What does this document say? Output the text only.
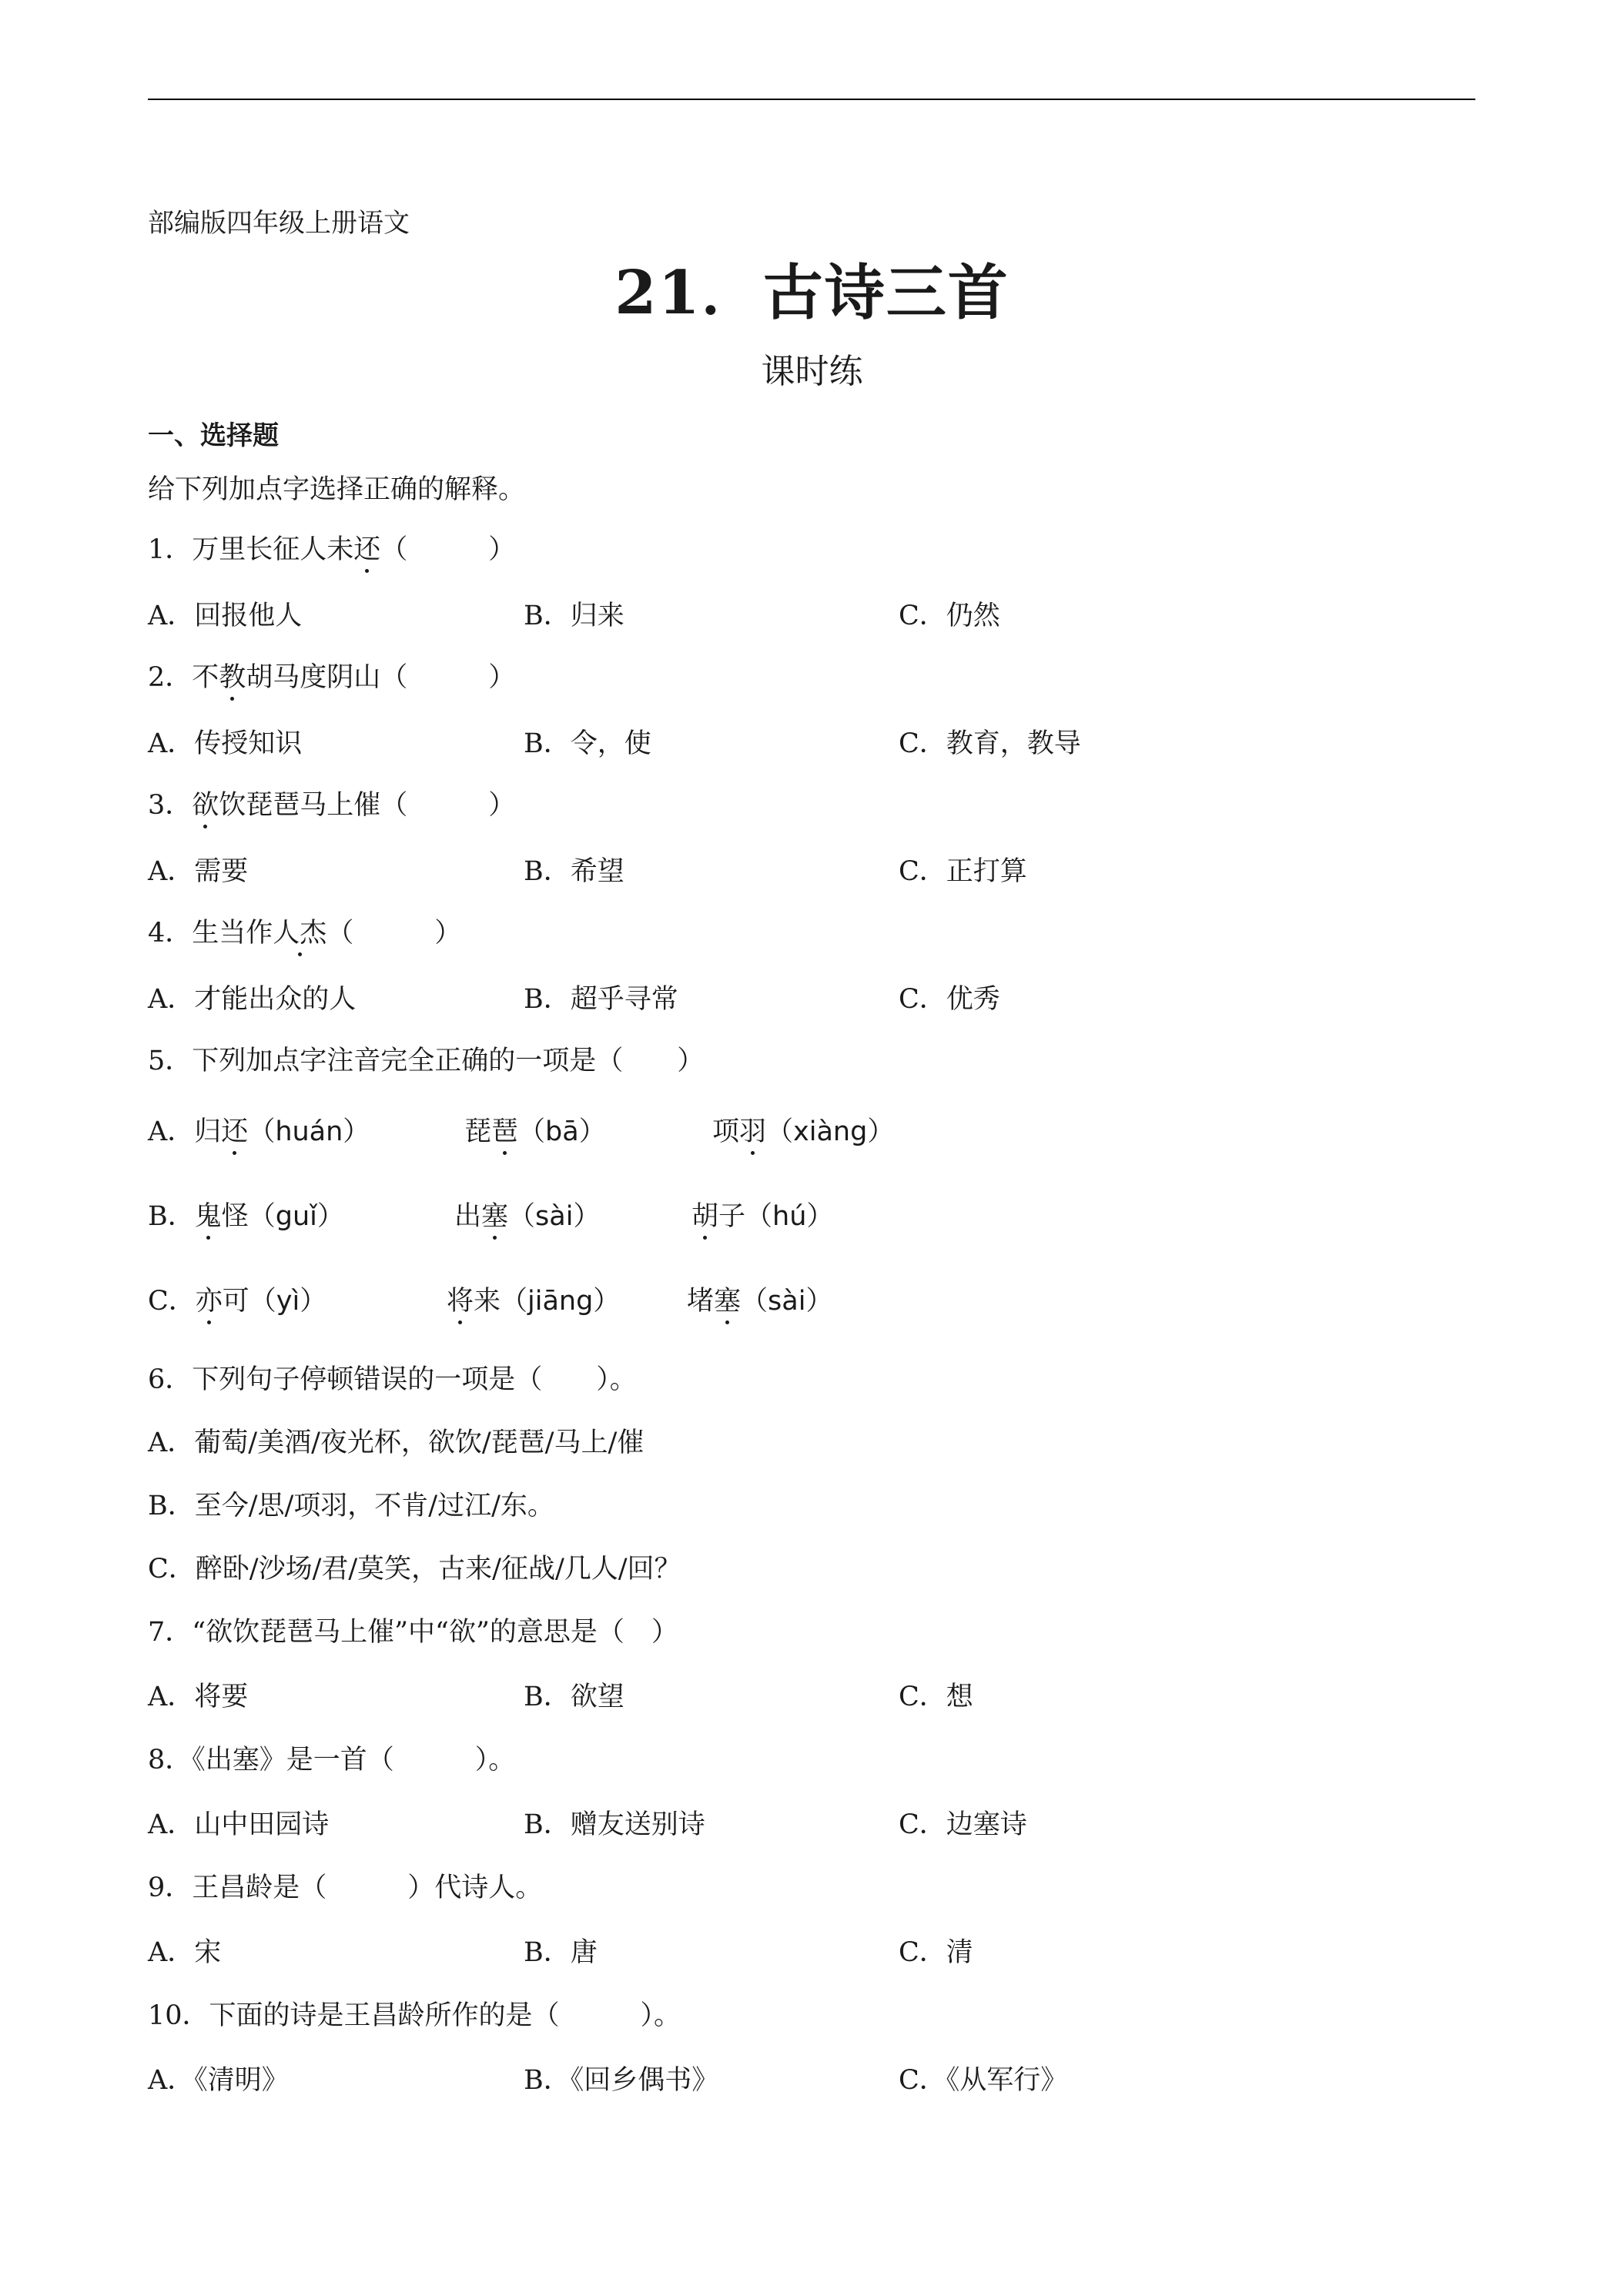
部编版四年级上册语文
21．古诗三首
课时练
一、选择题
给下列加点字选择正确的解释。
1．万里长征人未还（　　　）
A．回报他人	B．归来	C．仍然
2．不教胡马度阴山（　　　）
A．传授知识	B．令，使	C．教育，教导
3．欲饮琵琶马上催（　　　）
A．需要	B．希望	C．正打算
4．生当作人杰（　　　）
A．才能出众的人	B．超乎寻常	C．优秀
5．下列加点字注音完全正确的一项是（　　）
A．归还（huán）	琵琶（bā）	项羽（xiàng）
B．鬼怪（guǐ）	出塞（sài）	胡子（hú）
C．亦可（yì）	将来（jiāng） 堵塞（sài）
6．下列句子停顿错误的一项是（　　）。
A．葡萄/美酒/夜光杯，欲饮/琵琶/马上/催
B．至今/思/项羽，不肯/过江/东。
C．醉卧/沙场/君/莫笑，古来/征战/几人/回？
7．“欲饮琵琶马上催”中“欲”的意思是（　）
A．将要	B．欲望	C．想
8．《出塞》是一首（　　　）。
A．山中田园诗	B．赠友送别诗	C．边塞诗
9．王昌龄是（　　　）代诗人。
A．宋	B．唐	C．清
10．下面的诗是王昌龄所作的是（　　　）。
A．《清明》	B．《回乡偶书》	C．《从军行》
